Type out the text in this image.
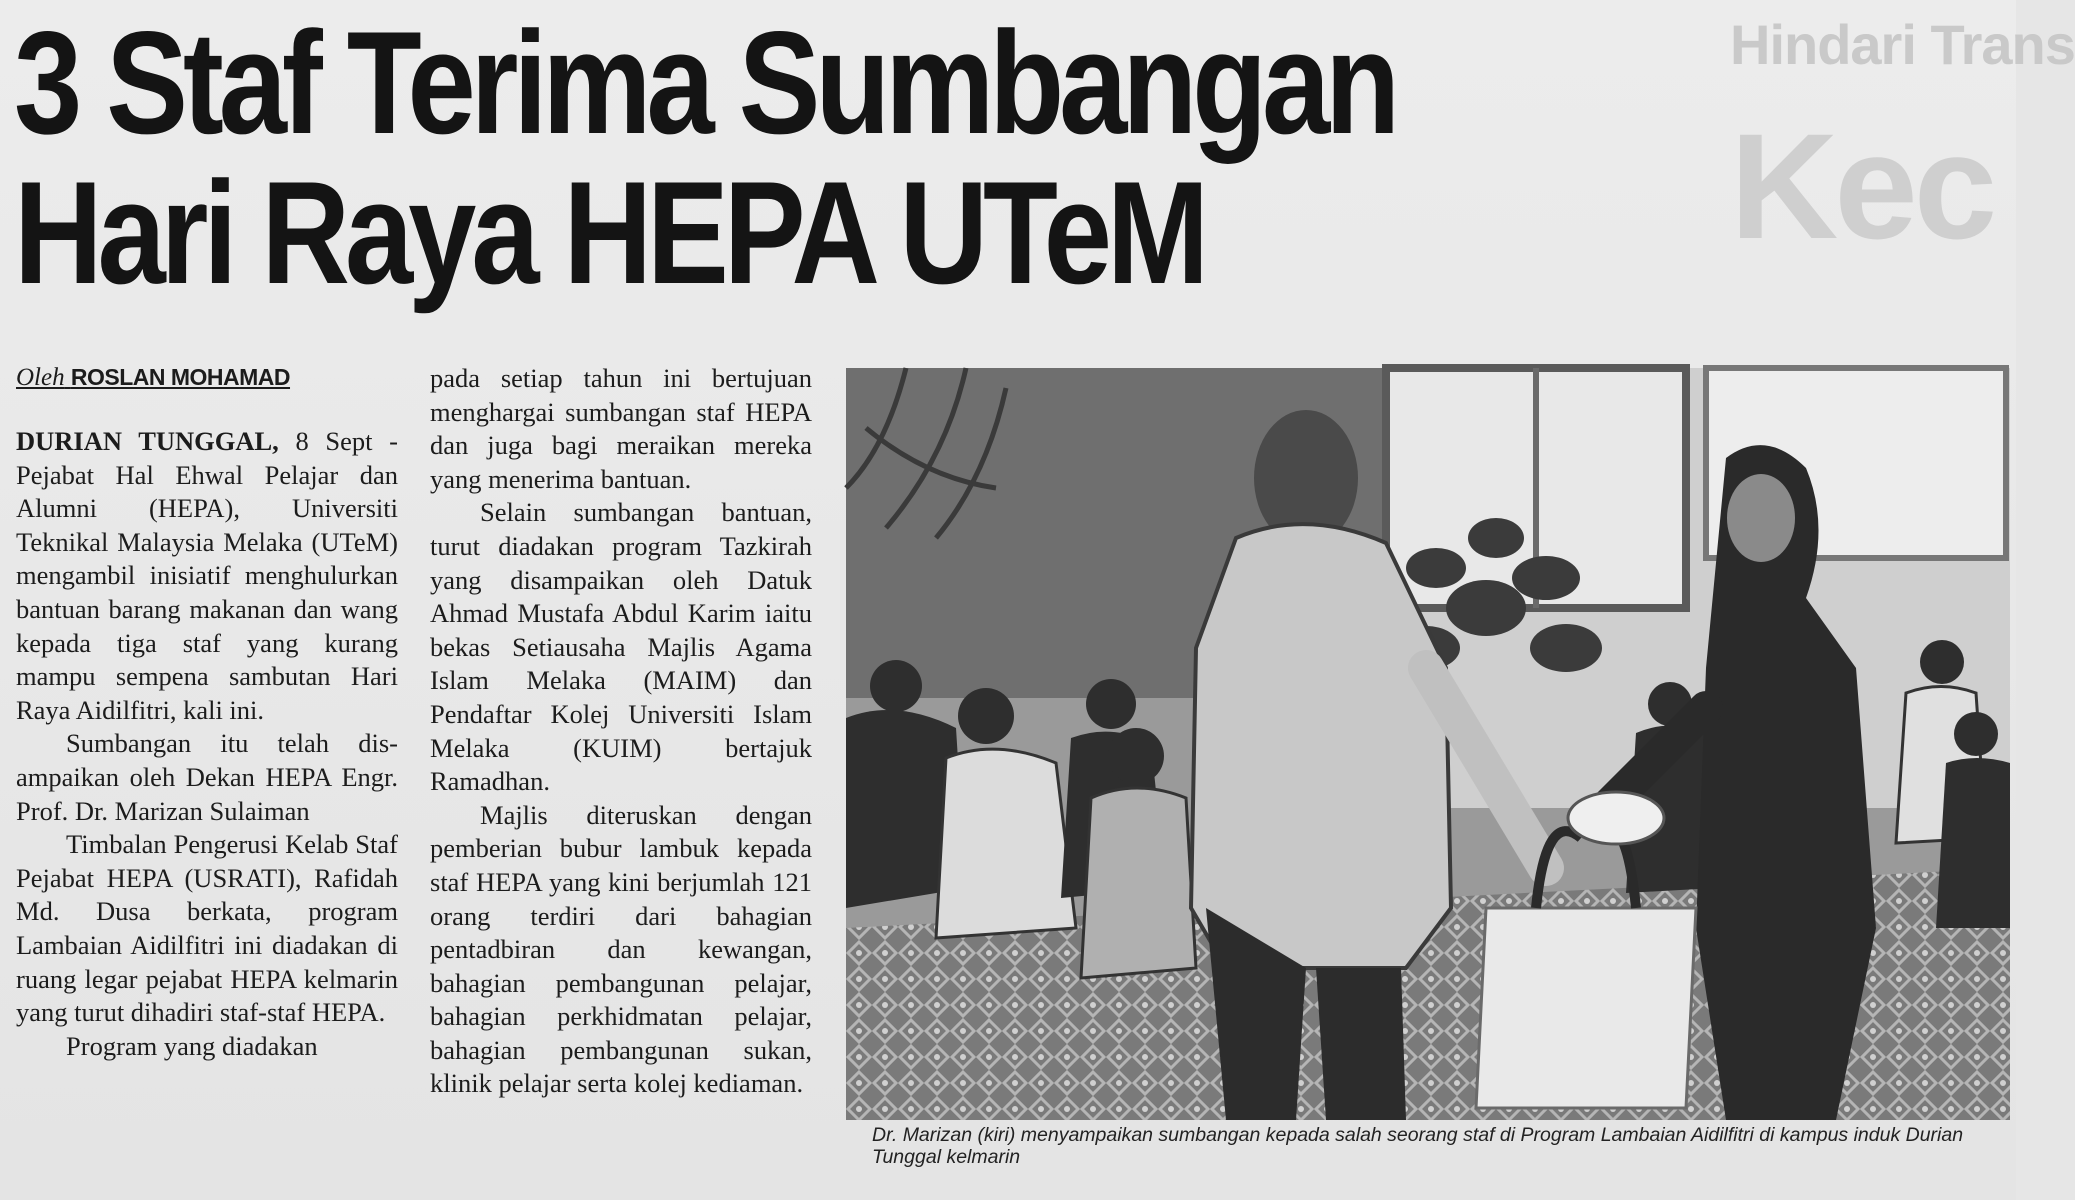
Hindari Trans
Kec
3 Staf Terima Sumbangan
Hari Raya HEPA UTeM
Oleh ROSLAN MOHAMAD

DURIAN TUNGGAL, 8 Sept - Pejabat Hal Ehwal Pelajar dan Alumni (HEPA), Universiti Teknikal Malaysia Melaka (UTeM) mengambil inisiatif menghulurkan bantuan barang makanan dan wang kepada tiga staf yang kurang mampu sempena sambutan Hari Raya Aidilfitri, kali ini.

Sumbangan itu telah disampaikan oleh Dekan HEPA Engr. Prof. Dr. Marizan Sulaiman

Timbalan Pengerusi Kelab Staf Pejabat HEPA (USRATI), Rafidah Md. Dusa berkata, program Lambaian Aidilfitri ini diadakan di ruang legar pejabat HEPA kelmarin yang turut dihadiri staf-staf HEPA.

Program yang diadakan

pada setiap tahun ini bertujuan menghargai sumbangan staf HEPA dan juga bagi meraikan mereka yang menerima bantuan.

Selain sumbangan bantuan, turut diadakan program Tazkirah yang disampaikan oleh Datuk Ahmad Mustafa Abdul Karim iaitu bekas Setiausaha Majlis Agama Islam Melaka (MAIM) dan Pendaftar Kolej Universiti Islam Melaka (KUIM) bertajuk Ramadhan.

Majlis diteruskan dengan pemberian bubur lambuk kepada staf HEPA yang kini berjumlah 121 orang terdiri dari bahagian pentadbiran dan kewangan, bahagian pembangunan pelajar, bahagian perkhidmatan pelajar, bahagian pembangunan sukan, klinik pelajar serta kolej kediaman.

Dr. Marizan (kiri) menyampaikan sumbangan kepada salah seorang staf di Program Lambaian Aidilfitri di kampus induk Durian Tunggal kelmarin
